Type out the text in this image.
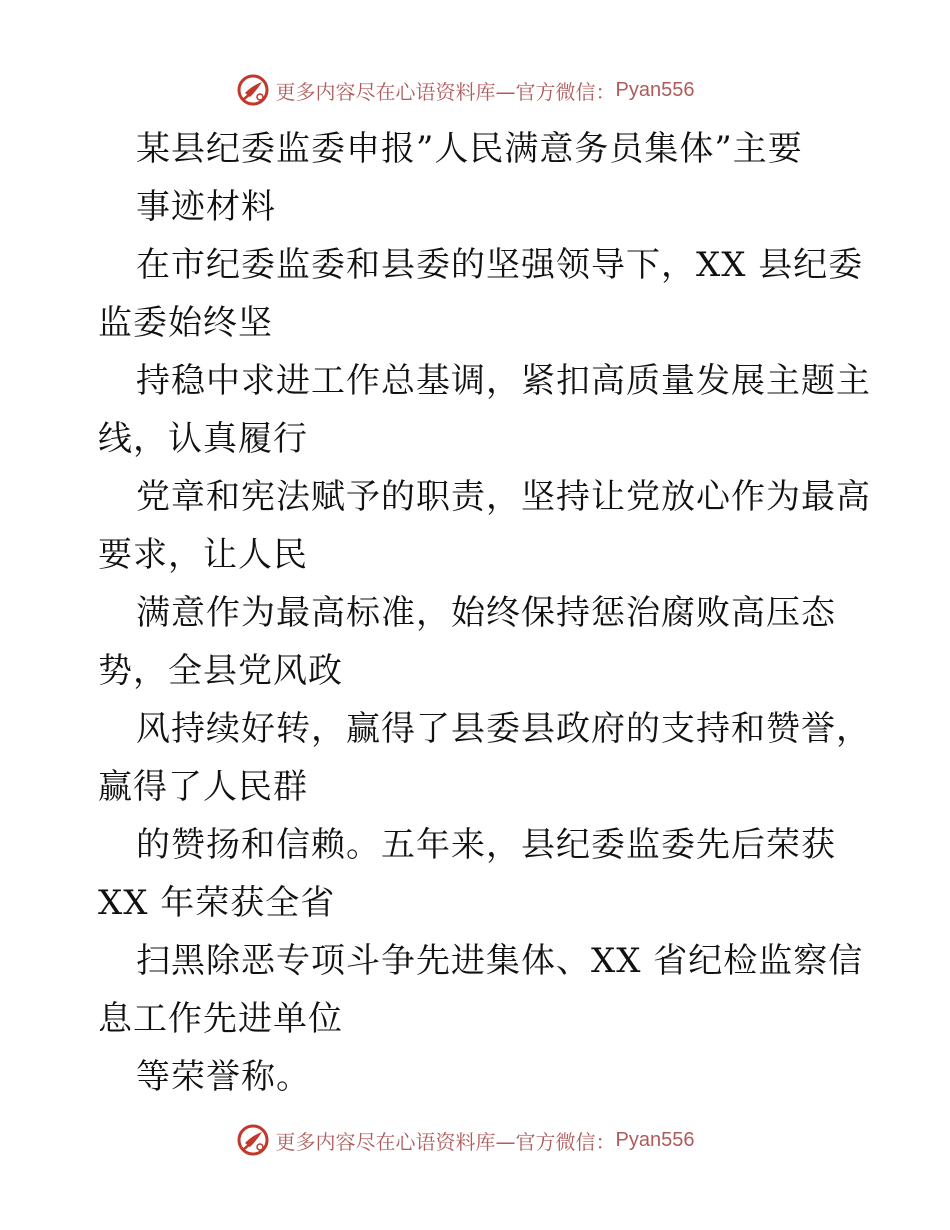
更多内容尽在心语资料库—官方微信： Pyan556
某县纪委监委申报”人民满意务员集体”主要
事迹材料
在市纪委监委和县委的坚强领导下，XX 县纪委
监委始终坚
持稳中求进工作总基调，紧扣高质量发展主题主
线，认真履行
党章和宪法赋予的职责，坚持让党放心作为最高
要求，让人民
满意作为最高标准，始终保持惩治腐败高压态
势，全县党风政
风持续好转，赢得了县委县政府的支持和赞誉，
赢得了人民群
的赞扬和信赖。五年来，县纪委监委先后荣获
XX 年荣获全省
扫黑除恶专项斗争先进集体、XX 省纪检监察信
息工作先进单位
等荣誉称。
更多内容尽在心语资料库—官方微信： Pyan556
